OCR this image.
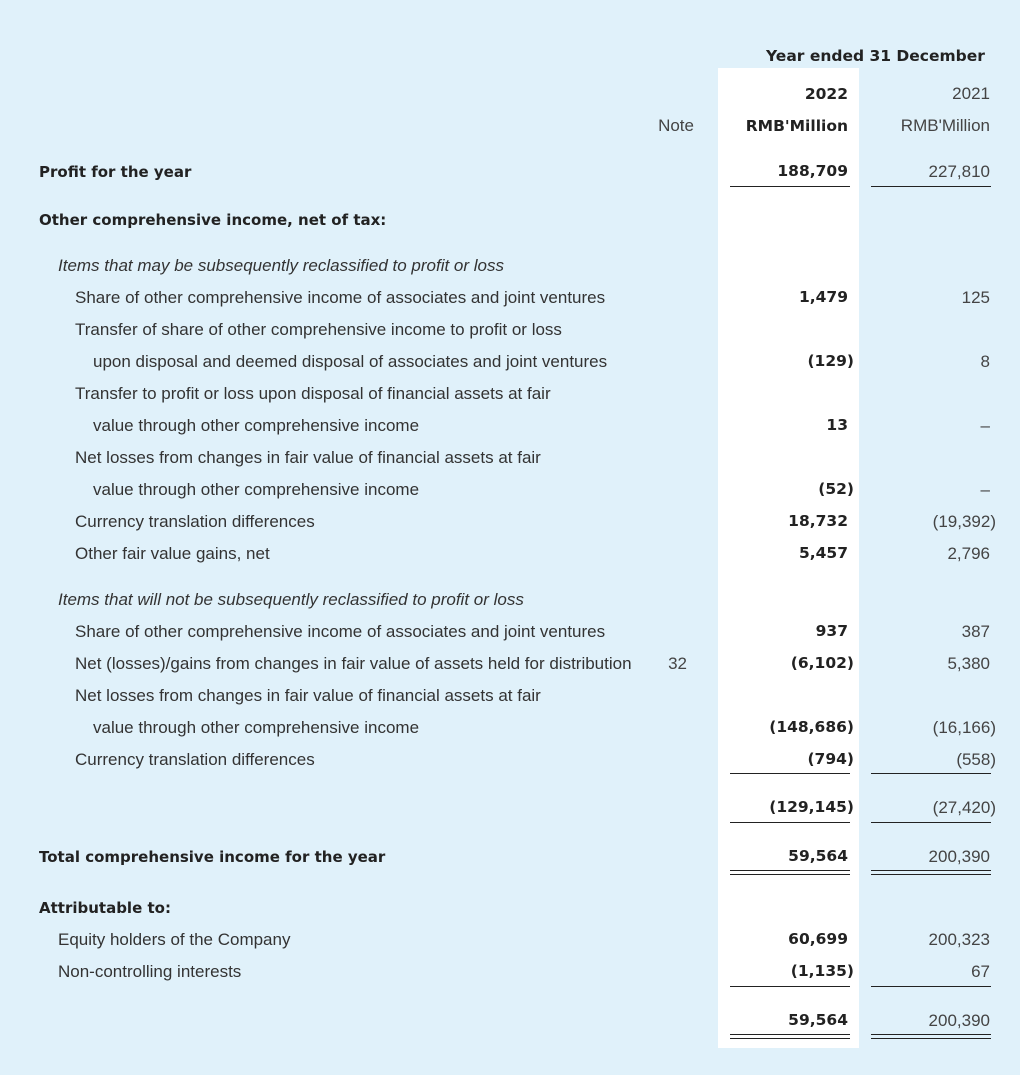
Year ended 31 December
2022	2021
Note	RMB'Million	RMB'Million
Profit for the year	188,709	227,810
Other comprehensive income, net of tax:
Items that may be subsequently reclassified to profit or loss
Share of other comprehensive income of associates and joint ventures	1,479	125
Transfer of share of other comprehensive income to profit or loss
upon disposal and deemed disposal of associates and joint ventures	(129)	8
Transfer to profit or loss upon disposal of financial assets at fair
value through other comprehensive income	13	–
Net losses from changes in fair value of financial assets at fair
value through other comprehensive income	(52)	–
Currency translation differences	18,732	(19,392)
Other fair value gains, net	5,457	2,796
Items that will not be subsequently reclassified to profit or loss
Share of other comprehensive income of associates and joint ventures	937	387
Net (losses)/gains from changes in fair value of assets held for distribution	32	(6,102)	5,380
Net losses from changes in fair value of financial assets at fair
value through other comprehensive income	(148,686)	(16,166)
Currency translation differences	(794)	(558)
(129,145)	(27,420)
Total comprehensive income for the year	59,564	200,390
Attributable to:
Equity holders of the Company	60,699	200,323
Non-controlling interests	(1,135)	67
59,564	200,390
